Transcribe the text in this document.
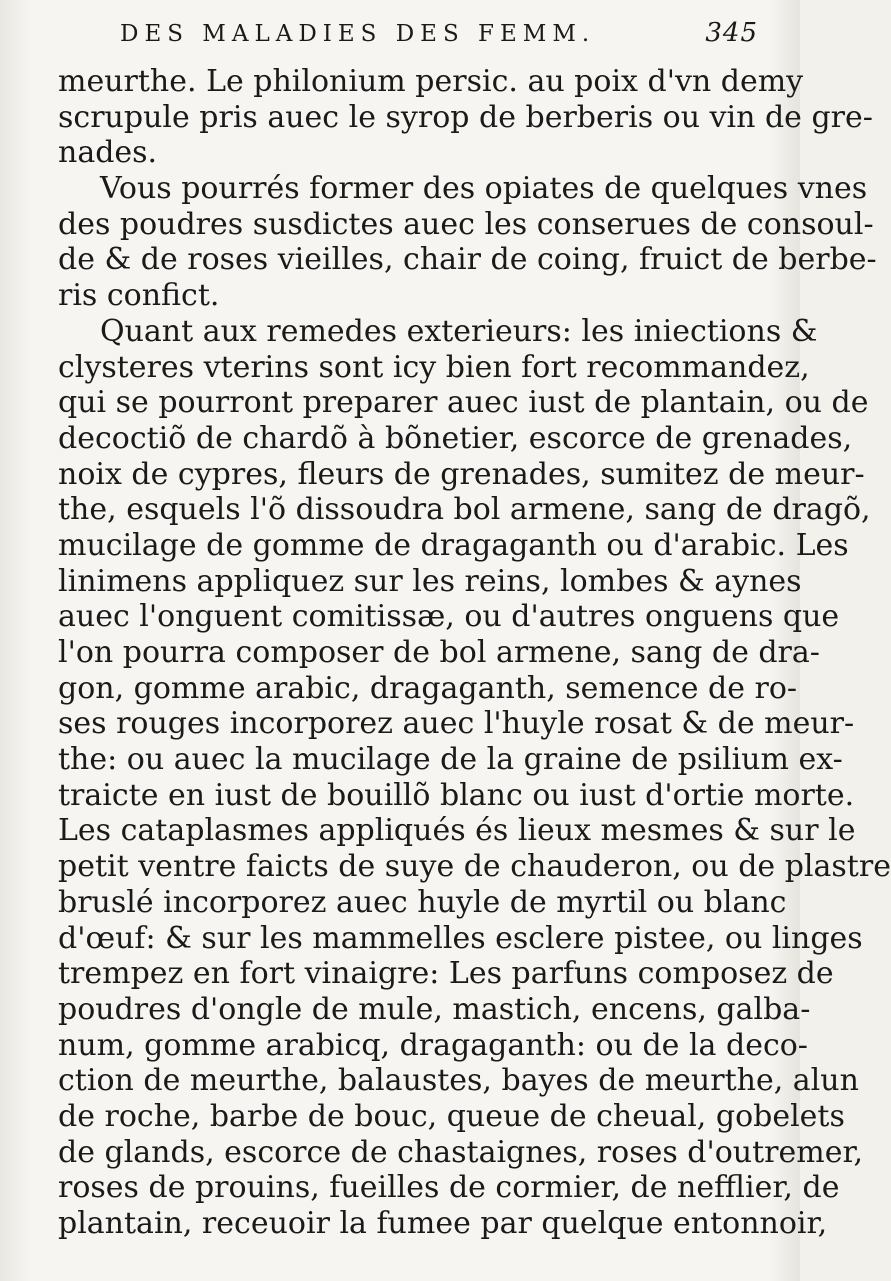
DES MALADIES DES FEMM.	345
meurthe. Le philonium persic. au poix d'vn demy
scrupule pris auec le syrop de berberis ou vin de gre-
nades.
Vous pourrés former des opiates de quelques vnes
des poudres susdictes auec les conserues de consoul-
de & de roses vieilles, chair de coing, fruict de berbe-
ris confict.
Quant aux remedes exterieurs: les iniections &
clysteres vterins sont icy bien fort recommandez,
qui se pourront preparer auec iust de plantain, ou de
decoctiõ de chardõ à bõnetier, escorce de grenades,
noix de cypres, fleurs de grenades, sumitez de meur-
the, esquels l'õ dissoudra bol armene, sang de dragõ,
mucilage de gomme de dragaganth ou d'arabic. Les
linimens appliquez sur les reins, lombes & aynes
auec l'onguent comitissæ, ou d'autres onguens que
l'on pourra composer de bol armene, sang de dra-
gon, gomme arabic, dragaganth, semence de ro-
ses rouges incorporez auec l'huyle rosat & de meur-
the: ou auec la mucilage de la graine de psilium ex-
traicte en iust de bouillõ blanc ou iust d'ortie morte.
Les cataplasmes appliqués és lieux mesmes & sur le
petit ventre faicts de suye de chauderon, ou de plastre
bruslé incorporez auec huyle de myrtil ou blanc
d'œuf: & sur les mammelles esclere pistee, ou linges
trempez en fort vinaigre: Les parfuns composez de
poudres d'ongle de mule, mastich, encens, galba-
num, gomme arabicq, dragaganth: ou de la deco-
ction de meurthe, balaustes, bayes de meurthe, alun
de roche, barbe de bouc, queue de cheual, gobelets
de glands, escorce de chastaignes, roses d'outremer,
roses de prouins, fueilles de cormier, de nefflier, de
plantain, receuoir la fumee par quelque entonnoir,
